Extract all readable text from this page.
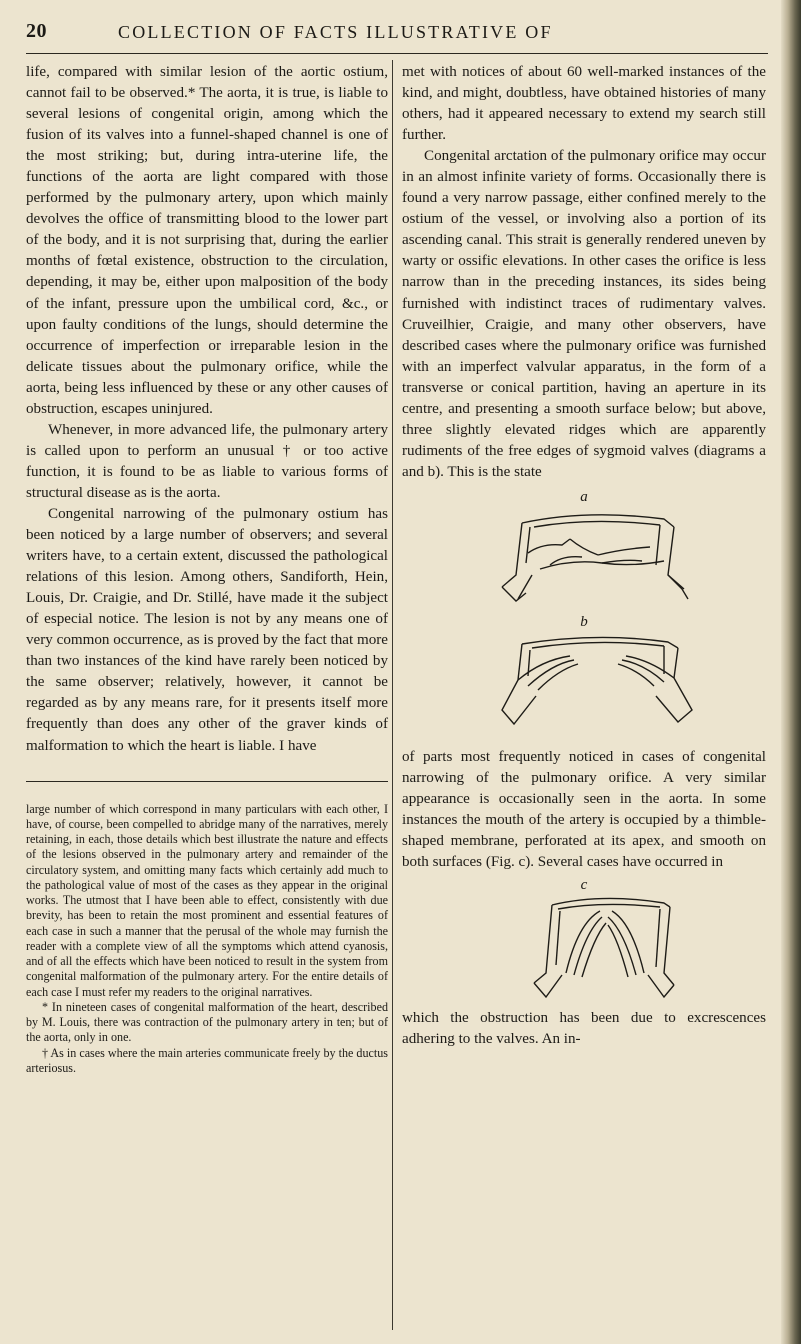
20	COLLECTION OF FACTS ILLUSTRATIVE OF

life, compared with similar lesion of the aortic ostium, cannot fail to be observed.* The aorta, it is true, is liable to several lesions of congenital origin, among which the fusion of its valves into a funnel-shaped channel is one of the most striking; but, during intra-uterine life, the functions of the aorta are light compared with those performed by the pulmonary artery, upon which mainly devolves the office of transmitting blood to the lower part of the body, and it is not surprising that, during the earlier months of fœtal existence, obstruction to the circulation, depending, it may be, either upon malposition of the body of the infant, pressure upon the umbilical cord, &c., or upon faulty conditions of the lungs, should determine the occurrence of imperfection or irreparable lesion in the delicate tissues about the pulmonary orifice, while the aorta, being less influenced by these or any other causes of obstruction, escapes uninjured.

Whenever, in more advanced life, the pulmonary artery is called upon to perform an unusual † or too active function, it is found to be as liable to various forms of structural disease as is the aorta.

Congenital narrowing of the pulmonary ostium has been noticed by a large number of observers; and several writers have, to a certain extent, discussed the pathological relations of this lesion. Among others, Sandiforth, Hein, Louis, Dr. Craigie, and Dr. Stillé, have made it the subject of especial notice. The lesion is not by any means one of very common occurrence, as is proved by the fact that more than two instances of the kind have rarely been noticed by the same observer; relatively, however, it cannot be regarded as by any means rare, for it presents itself more frequently than does any other of the graver kinds of malformation to which the heart is liable. I have

large number of which correspond in many particulars with each other, I have, of course, been compelled to abridge many of the narratives, merely retaining, in each, those details which best illustrate the nature and effects of the lesions observed in the pulmonary artery and remainder of the circulatory system, and omitting many facts which certainly add much to the pathological value of most of the cases as they appear in the original works. The utmost that I have been able to effect, consistently with due brevity, has been to retain the most prominent and essential features of each case in such a manner that the perusal of the whole may furnish the reader with a complete view of all the symptoms which attend cyanosis, and of all the effects which have been noticed to result in the system from congenital malformation of the pulmonary artery. For the entire details of each case I must refer my readers to the original narratives.

* In nineteen cases of congenital malformation of the heart, described by M. Louis, there was contraction of the pulmonary artery in ten; but of the aorta, only in one.

† As in cases where the main arteries communicate freely by the ductus arteriosus.

met with notices of about 60 well-marked instances of the kind, and might, doubtless, have obtained histories of many others, had it appeared necessary to extend my search still further.

Congenital arctation of the pulmonary orifice may occur in an almost infinite variety of forms. Occasionally there is found a very narrow passage, either confined merely to the ostium of the vessel, or involving also a portion of its ascending canal. This strait is generally rendered uneven by warty or ossific elevations. In other cases the orifice is less narrow than in the preceding instances, its sides being furnished with indistinct traces of rudimentary valves. Cruveilhier, Craigie, and many other observers, have described cases where the pulmonary orifice was furnished with an imperfect valvular apparatus, in the form of a transverse or conical partition, having an aperture in its centre, and presenting a smooth surface below; but above, three slightly elevated ridges which are apparently rudiments of the free edges of sygmoid valves (diagrams a and b). This is the state

a
b

of parts most frequently noticed in cases of congenital narrowing of the pulmonary orifice. A very similar appearance is occasionally seen in the aorta. In some instances the mouth of the artery is occupied by a thimble-shaped membrane, perforated at its apex, and smooth on both surfaces (Fig. c). Several cases have occurred in

c

which the obstruction has been due to excrescences adhering to the valves. An in-
